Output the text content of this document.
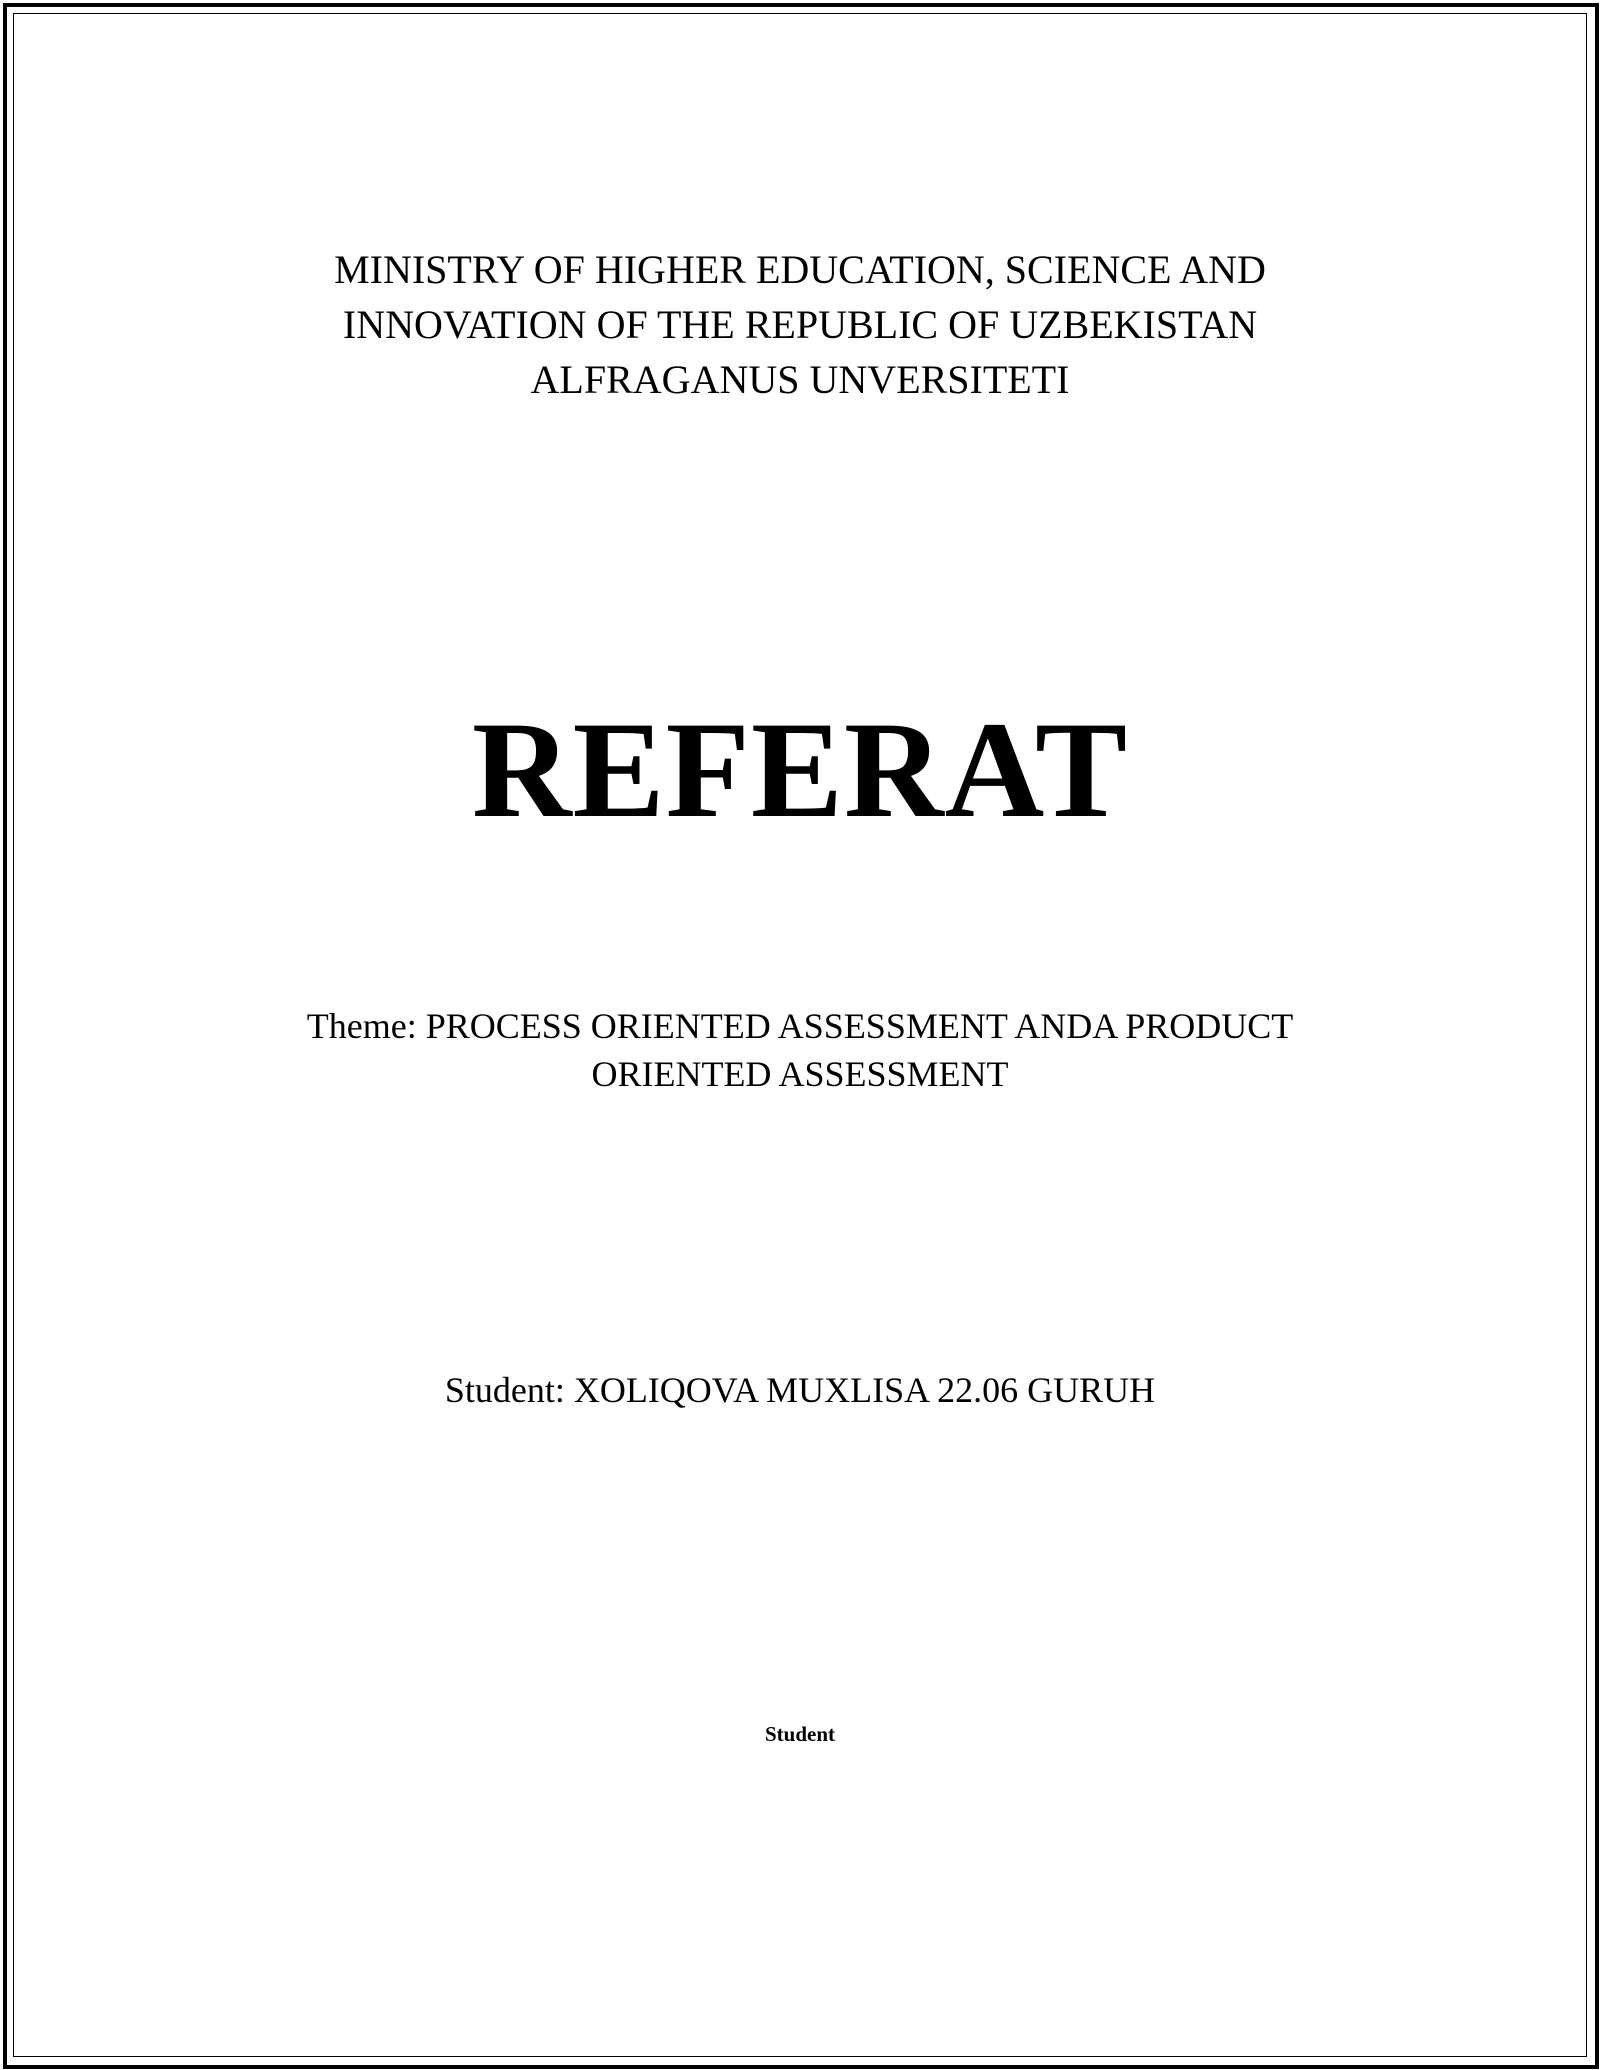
MINISTRY OF HIGHER EDUCATION, SCIENCE AND
INNOVATION OF THE REPUBLIC OF UZBEKISTAN
ALFRAGANUS UNVERSITETI
REFERAT
Theme: PROCESS ORIENTED ASSESSMENT ANDA PRODUCT
ORIENTED ASSESSMENT
Student: XOLIQOVA MUXLISA 22.06 GURUH
Student
